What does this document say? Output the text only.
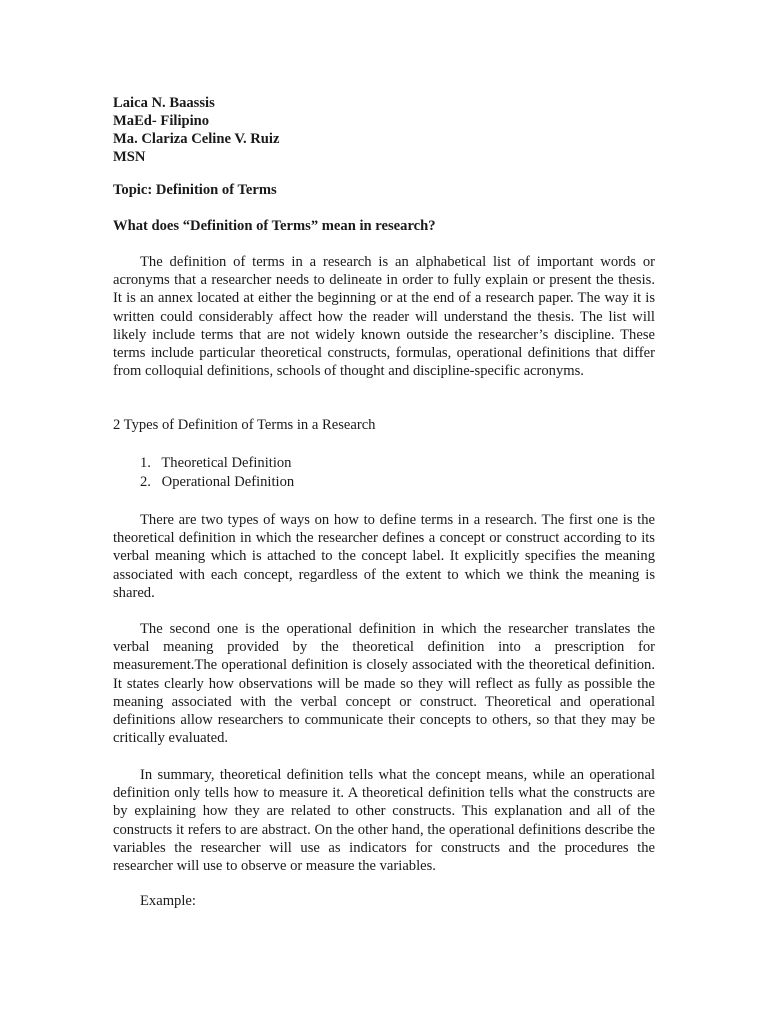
Laica N. Baassis
MaEd- Filipino
Ma. Clariza Celine V. Ruiz
MSN
Topic: Definition of Terms
What does “Definition of Terms” mean in research?

The definition of terms in a research is an alphabetical list of important words or acronyms that a researcher needs to delineate in order to fully explain or present the thesis. It is an annex located at either the beginning or at the end of a research paper. The way it is written could considerably affect how the reader will understand the thesis. The list will likely include terms that are not widely known outside the researcher’s discipline. These terms include particular theoretical constructs, formulas, operational definitions that differ from colloquial definitions, schools of thought and discipline-specific acronyms.

2 Types of Definition of Terms in a Research
1. Theoretical Definition
2. Operational Definition

There are two types of ways on how to define terms in a research. The first one is the theoretical definition in which the researcher defines a concept or construct according to its verbal meaning which is attached to the concept label. It explicitly specifies the meaning associated with each concept, regardless of the extent to which we think the meaning is shared.

The second one is the operational definition in which the researcher translates the verbal meaning provided by the theoretical definition into a prescription for measurement.The operational definition is closely associated with the theoretical definition. It states clearly how observations will be made so they will reflect as fully as possible the meaning associated with the verbal concept or construct. Theoretical and operational definitions allow researchers to communicate their concepts to others, so that they may be critically evaluated.

In summary, theoretical definition tells what the concept means, while an operational definition only tells how to measure it. A theoretical definition tells what the constructs are by explaining how they are related to other constructs. This explanation and all of the constructs it refers to are abstract. On the other hand, the operational definitions describe the variables the researcher will use as indicators for constructs and the procedures the researcher will use to observe or measure the variables.

Example:
